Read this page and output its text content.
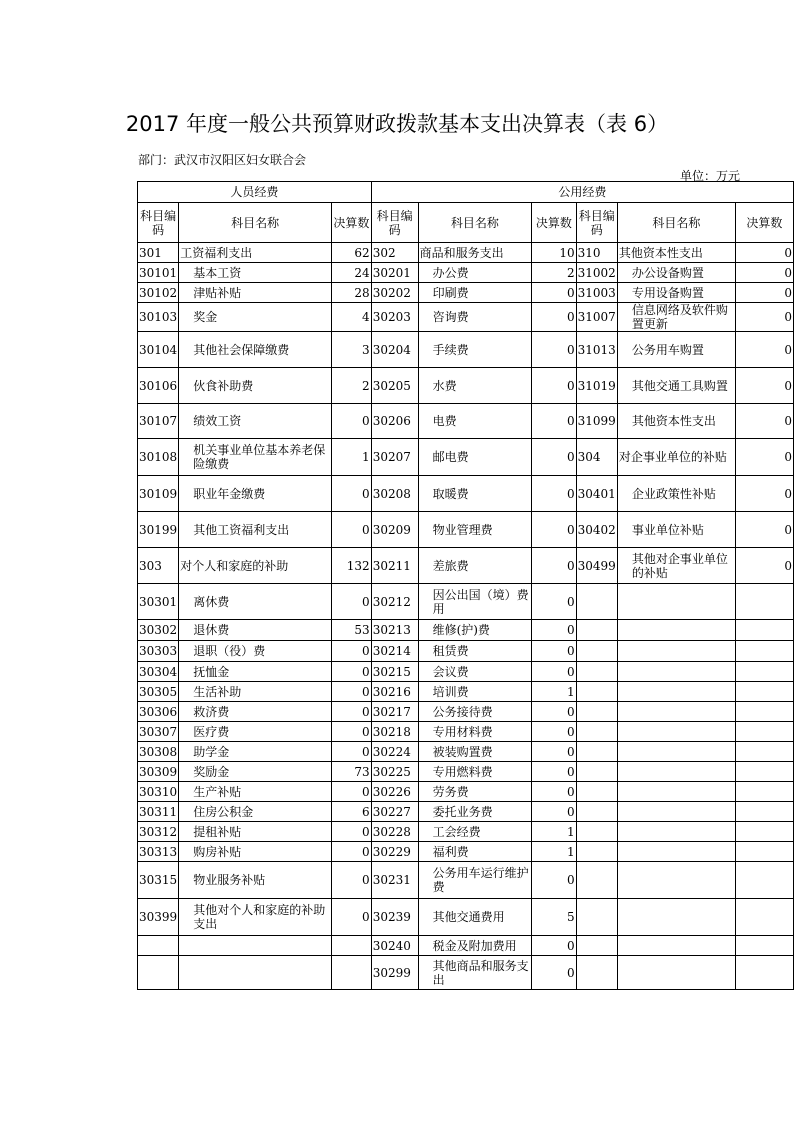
2017 年度一般公共预算财政拨款基本支出决算表（表 6）
部门：武汉市汉阳区妇女联合会
单位：万元
人员经费			公用经费					
科目编码	科目名称	决算数	科目编码	科目名称	决算数	科目编码	科目名称	决算数
301	工资福利支出	62	302	商品和服务支出	10	310	其他资本性支出	0
30101	基本工资	24	30201	办公费	2	31002	办公设备购置	0
30102	津贴补贴	28	30202	印刷费	0	31003	专用设备购置	0
30103	奖金	4	30203	咨询费	0	31007	信息网络及软件购置更新	0
30104	其他社会保障缴费	3	30204	手续费	0	31013	公务用车购置	0
30106	伙食补助费	2	30205	水费	0	31019	其他交通工具购置	0
30107	绩效工资	0	30206	电费	0	31099	其他资本性支出	0
30108	机关事业单位基本养老保险缴费	1	30207	邮电费	0	304	对企事业单位的补贴	0
30109	职业年金缴费	0	30208	取暖费	0	30401	企业政策性补贴	0
30199	其他工资福利支出	0	30209	物业管理费	0	30402	事业单位补贴	0
303	对个人和家庭的补助	132	30211	差旅费	0	30499	其他对企事业单位的补贴	0
30301	离休费	0	30212	因公出国（境）费用	0			
30302	退休费	53	30213	维修(护)费	0			
30303	退职（役）费	0	30214	租赁费	0			
30304	抚恤金	0	30215	会议费	0			
30305	生活补助	0	30216	培训费	1			
30306	救济费	0	30217	公务接待费	0			
30307	医疗费	0	30218	专用材料费	0			
30308	助学金	0	30224	被装购置费	0			
30309	奖励金	73	30225	专用燃料费	0			
30310	生产补贴	0	30226	劳务费	0			
30311	住房公积金	6	30227	委托业务费	0			
30312	提租补贴	0	30228	工会经费	1			
30313	购房补贴	0	30229	福利费	1			
30315	物业服务补贴	0	30231	公务用车运行维护费	0			
30399	其他对个人和家庭的补助支出	0	30239	其他交通费用	5			
			30240	税金及附加费用	0			
			30299	其他商品和服务支出	0			
